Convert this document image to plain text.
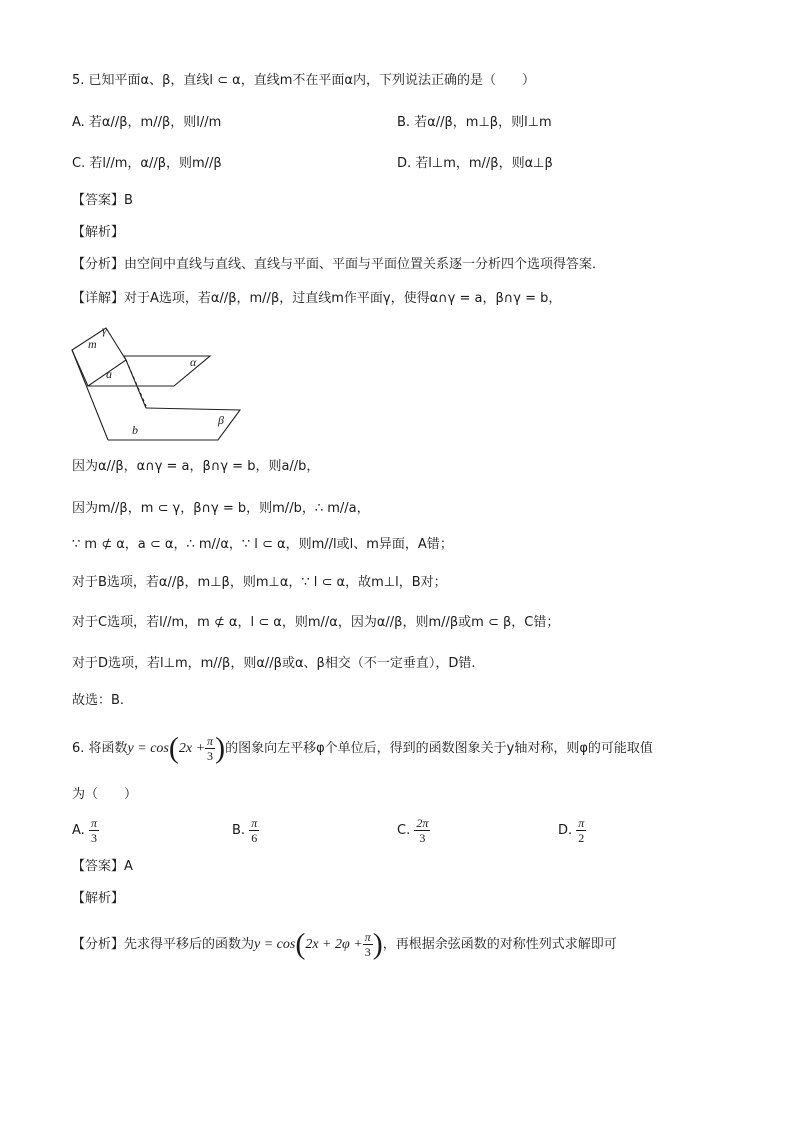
5. 已知平面α、β，直线l ⊂ α，直线m不在平面α内，下列说法正确的是（　　）
A. 若α//β，m//β，则l//m	B. 若α//β，m⊥β，则l⊥m
C. 若l//m，α//β，则m//β	D. 若l⊥m，m//β，则α⊥β
【答案】B
【解析】
【分析】由空间中直线与直线、直线与平面、平面与平面位置关系逐一分析四个选项得答案．
【详解】对于A选项，若α//β，m//β，过直线m作平面γ，使得α∩γ = a，β∩γ = b，
m
γ
α
a
β
b
因为α//β，α∩γ = a，β∩γ = b，则a//b，
因为m//β，m ⊂ γ，β∩γ = b，则m//b，∴ m//a，
∵ m ⊄ α，a ⊂ α，∴ m//α，∵ l ⊂ α，则m//l或l、m异面，A错；
对于B选项，若α//β，m⊥β，则m⊥α，∵ l ⊂ α，故m⊥l，B对；
对于C选项，若l//m，m ⊄ α，l ⊂ α，则m//α，因为α//β，则m//β或m ⊂ β，C错；
对于D选项，若l⊥m，m//β，则α//β或α、β相交（不一定垂直），D错.
故选：B.
6. 将函数$y = \cos(2x + \frac{\pi}{3}$ )的图象向左平移φ个单位后，得到的函数图象关于y轴对称，则φ的可能取值
为（　　）
A. $\frac{\pi}{3}$	B. $\frac{\pi}{6}$	C. $\frac{2\pi}{3}$	D. $\frac{\pi}{2}$
【答案】A
【解析】
【分析】先求得平移后的函数为$y = \cos(2x + 2\varphi + \frac{\pi}{3}$ )，再根据余弦函数的对称性列式求解即可
